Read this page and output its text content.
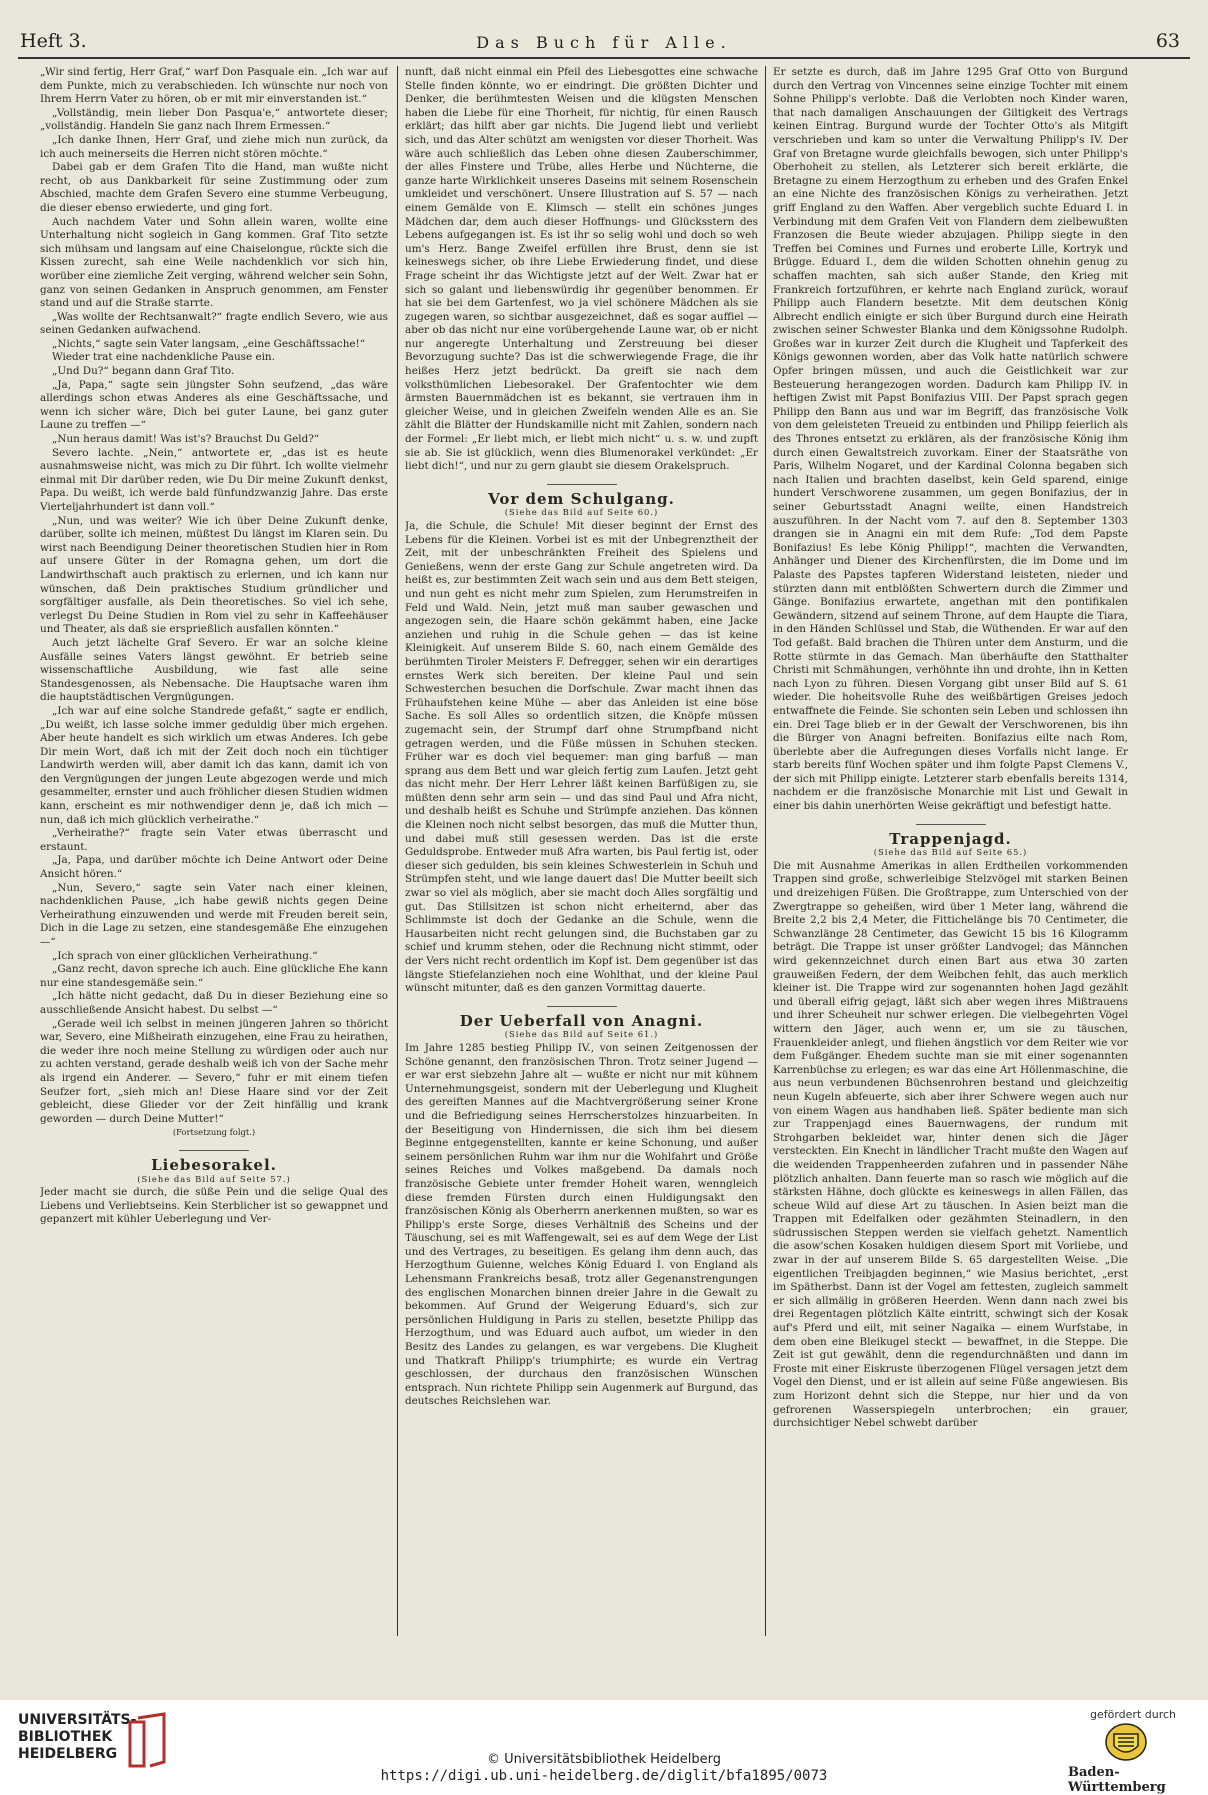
Heft 3.	Das Buch für Alle.	63

„Wir sind fertig, Herr Graf,“ warf Don Pasquale ein. „Ich war auf dem Punkte, mich zu verabschieden. Ich wünschte nur noch von Ihrem Herrn Vater zu hören, ob er mit mir einverstanden ist.“

„Vollständig, mein lieber Don Pasqua'e,“ antwortete dieser; „vollständig. Handeln Sie ganz nach Ihrem Ermessen.“

„Ich danke Ihnen, Herr Graf, und ziehe mich nun zurück, da ich auch meinerseits die Herren nicht stören möchte.“

Dabei gab er dem Grafen Tito die Hand, man wußte nicht recht, ob aus Dankbarkeit für seine Zustimmung oder zum Abschied, machte dem Grafen Severo eine stumme Verbeugung, die dieser ebenso erwiederte, und ging fort.

Auch nachdem Vater und Sohn allein waren, wollte eine Unterhaltung nicht sogleich in Gang kommen. Graf Tito setzte sich mühsam und langsam auf eine Chaiselongue, rückte sich die Kissen zurecht, sah eine Weile nachdenklich vor sich hin, worüber eine ziemliche Zeit verging, während welcher sein Sohn, ganz von seinen Gedanken in Anspruch genommen, am Fenster stand und auf die Straße starrte.

„Was wollte der Rechtsanwalt?“ fragte endlich Severo, wie aus seinen Gedanken aufwachend.

„Nichts,“ sagte sein Vater langsam, „eine Geschäftssache!“

Wieder trat eine nachdenkliche Pause ein.

„Und Du?“ begann dann Graf Tito.

„Ja, Papa,“ sagte sein jüngster Sohn seufzend, „das wäre allerdings schon etwas Anderes als eine Geschäftssache, und wenn ich sicher wäre, Dich bei guter Laune, bei ganz guter Laune zu treffen —“

„Nun heraus damit! Was ist's? Brauchst Du Geld?“

Severo lachte. „Nein,“ antwortete er, „das ist es heute ausnahmsweise nicht, was mich zu Dir führt. Ich wollte vielmehr einmal mit Dir darüber reden, wie Du Dir meine Zukunft denkst, Papa. Du weißt, ich werde bald fünfundzwanzig Jahre. Das erste Vierteljahrhundert ist dann voll.“

„Nun, und was weiter? Wie ich über Deine Zukunft denke, darüber, sollte ich meinen, müßtest Du längst im Klaren sein. Du wirst nach Beendigung Deiner theoretischen Studien hier in Rom auf unsere Güter in der Romagna gehen, um dort die Landwirthschaft auch praktisch zu erlernen, und ich kann nur wünschen, daß Dein praktisches Studium gründlicher und sorgfältiger ausfalle, als Dein theoretisches. So viel ich sehe, verlegst Du Deine Studien in Rom viel zu sehr in Kaffeehäuser und Theater, als daß sie ersprießlich ausfallen könnten.“

Auch jetzt lächelte Graf Severo. Er war an solche kleine Ausfälle seines Vaters längst gewöhnt. Er betrieb seine wissenschaftliche Ausbildung, wie fast alle seine Standesgenossen, als Nebensache. Die Hauptsache waren ihm die hauptstädtischen Vergnügungen.

„Ich war auf eine solche Standrede gefaßt,“ sagte er endlich, „Du weißt, ich lasse solche immer geduldig über mich ergehen. Aber heute handelt es sich wirklich um etwas Anderes. Ich gebe Dir mein Wort, daß ich mit der Zeit doch noch ein tüchtiger Landwirth werden will, aber damit ich das kann, damit ich von den Vergnügungen der jungen Leute abgezogen werde und mich gesammelter, ernster und auch fröhlicher diesen Studien widmen kann, erscheint es mir nothwendiger denn je, daß ich mich — nun, daß ich mich glücklich verheirathe.“

„Verheirathe?“ fragte sein Vater etwas überrascht und erstaunt.

„Ja, Papa, und darüber möchte ich Deine Antwort oder Deine Ansicht hören.“

„Nun, Severo,“ sagte sein Vater nach einer kleinen, nachdenklichen Pause, „ich habe gewiß nichts gegen Deine Verheirathung einzuwenden und werde mit Freuden bereit sein, Dich in die Lage zu setzen, eine standesgemäße Ehe einzugehen —“

„Ich sprach von einer glücklichen Verheirathung.“

„Ganz recht, davon spreche ich auch. Eine glückliche Ehe kann nur eine standesgemäße sein.“

„Ich hätte nicht gedacht, daß Du in dieser Beziehung eine so ausschließende Ansicht habest. Du selbst —“

„Gerade weil ich selbst in meinen jüngeren Jahren so thöricht war, Severo, eine Mißheirath einzugehen, eine Frau zu heirathen, die weder ihre noch meine Stellung zu würdigen oder auch nur zu achten verstand, gerade deshalb weiß ich von der Sache mehr als irgend ein Anderer. — Severo,“ fuhr er mit einem tiefen Seufzer fort, „sieh mich an! Diese Haare sind vor der Zeit gebleicht, diese Glieder vor der Zeit hinfällig und krank geworden — durch Deine Mutter!“

(Fortsetzung folgt.)

Liebesorakel.

(Siehe das Bild auf Seite 57.)

Jeder macht sie durch, die süße Pein und die selige Qual des Liebens und Verliebtseins. Kein Sterblicher ist so gewappnet und gepanzert mit kühler Ueberlegung und Ver-

nunft, daß nicht einmal ein Pfeil des Liebesgottes eine schwache Stelle finden könnte, wo er eindringt. Die größten Dichter und Denker, die berühmtesten Weisen und die klügsten Menschen haben die Liebe für eine Thorheit, für nichtig, für einen Rausch erklärt; das hilft aber gar nichts. Die Jugend liebt und verliebt sich, und das Alter schützt am wenigsten vor dieser Thorheit. Was wäre auch schließlich das Leben ohne diesen Zauberschimmer, der alles Finstere und Trübe, alles Herbe und Nüchterne, die ganze harte Wirklichkeit unseres Daseins mit seinem Rosenschein umkleidet und verschönert. Unsere Illustration auf S. 57 — nach einem Gemälde von E. Klimsch — stellt ein schönes junges Mädchen dar, dem auch dieser Hoffnungs- und Glücksstern des Lebens aufgegangen ist. Es ist ihr so selig wohl und doch so weh um's Herz. Bange Zweifel erfüllen ihre Brust, denn sie ist keineswegs sicher, ob ihre Liebe Erwiederung findet, und diese Frage scheint ihr das Wichtigste jetzt auf der Welt. Zwar hat er sich so galant und liebenswürdig ihr gegenüber benommen. Er hat sie bei dem Gartenfest, wo ja viel schönere Mädchen als sie zugegen waren, so sichtbar ausgezeichnet, daß es sogar auffiel — aber ob das nicht nur eine vorübergehende Laune war, ob er nicht nur angeregte Unterhaltung und Zerstreuung bei dieser Bevorzugung suchte? Das ist die schwerwiegende Frage, die ihr heißes Herz jetzt bedrückt. Da greift sie nach dem volksthümlichen Liebesorakel. Der Grafentochter wie dem ärmsten Bauernmädchen ist es bekannt, sie vertrauen ihm in gleicher Weise, und in gleichen Zweifeln wenden Alle es an. Sie zählt die Blätter der Hundskamille nicht mit Zahlen, sondern nach der Formel: „Er liebt mich, er liebt mich nicht“ u. s. w. und zupft sie ab. Sie ist glücklich, wenn dies Blumenorakel verkündet: „Er liebt dich!“, und nur zu gern glaubt sie diesem Orakelspruch.

Vor dem Schulgang.

(Siehe das Bild auf Seite 60.)

Ja, die Schule, die Schule! Mit dieser beginnt der Ernst des Lebens für die Kleinen. Vorbei ist es mit der Unbegrenztheit der Zeit, mit der unbeschränkten Freiheit des Spielens und Genießens, wenn der erste Gang zur Schule angetreten wird. Da heißt es, zur bestimmten Zeit wach sein und aus dem Bett steigen, und nun geht es nicht mehr zum Spielen, zum Herumstreifen in Feld und Wald. Nein, jetzt muß man sauber gewaschen und angezogen sein, die Haare schön gekämmt haben, eine Jacke anziehen und ruhig in die Schule gehen — das ist keine Kleinigkeit. Auf unserem Bilde S. 60, nach einem Gemälde des berühmten Tiroler Meisters F. Defregger, sehen wir ein derartiges ernstes Werk sich bereiten. Der kleine Paul und sein Schwesterchen besuchen die Dorfschule. Zwar macht ihnen das Frühaufstehen keine Mühe — aber das Anleiden ist eine böse Sache. Es soll Alles so ordentlich sitzen, die Knöpfe müssen zugemacht sein, der Strumpf darf ohne Strumpfband nicht getragen werden, und die Füße müssen in Schuhen stecken. Früher war es doch viel bequemer: man ging barfuß — man sprang aus dem Bett und war gleich fertig zum Laufen. Jetzt geht das nicht mehr. Der Herr Lehrer läßt keinen Barfüßigen zu, sie müßten denn sehr arm sein — und das sind Paul und Afra nicht, und deshalb heißt es Schuhe und Strümpfe anziehen. Das können die Kleinen noch nicht selbst besorgen, das muß die Mutter thun, und dabei muß still gesessen werden. Das ist die erste Geduldsprobe. Entweder muß Afra warten, bis Paul fertig ist, oder dieser sich gedulden, bis sein kleines Schwesterlein in Schuh und Strümpfen steht, und wie lange dauert das! Die Mutter beeilt sich zwar so viel als möglich, aber sie macht doch Alles sorgfältig und gut. Das Stillsitzen ist schon nicht erheiternd, aber das Schlimmste ist doch der Gedanke an die Schule, wenn die Hausarbeiten nicht recht gelungen sind, die Buchstaben gar zu schief und krumm stehen, oder die Rechnung nicht stimmt, oder der Vers nicht recht ordentlich im Kopf ist. Dem gegenüber ist das längste Stiefelanziehen noch eine Wohlthat, und der kleine Paul wünscht mitunter, daß es den ganzen Vormittag dauerte.

Der Ueberfall von Anagni.

(Siehe das Bild auf Seite 61.)

Im Jahre 1285 bestieg Philipp IV., von seinen Zeitgenossen der Schöne genannt, den französischen Thron. Trotz seiner Jugend — er war erst siebzehn Jahre alt — wußte er nicht nur mit kühnem Unternehmungsgeist, sondern mit der Ueberlegung und Klugheit des gereiften Mannes auf die Machtvergrößerung seiner Krone und die Befriedigung seines Herrscherstolzes hinzuarbeiten. In der Beseitigung von Hindernissen, die sich ihm bei diesem Beginne entgegenstellten, kannte er keine Schonung, und außer seinem persönlichen Ruhm war ihm nur die Wohlfahrt und Größe seines Reiches und Volkes maßgebend. Da damals noch französische Gebiete unter fremder Hoheit waren, wenngleich diese fremden Fürsten durch einen Huldigungsakt den französischen König als Oberherrn anerkennen mußten, so war es Philipp's erste Sorge, dieses Verhältniß des Scheins und der Täuschung, sei es mit Waffengewalt, sei es auf dem Wege der List und des Vertrages, zu beseitigen. Es gelang ihm denn auch, das Herzogthum Guienne, welches König Eduard I. von England als Lehensmann Frankreichs besaß, trotz aller Gegenanstrengungen des englischen Monarchen binnen dreier Jahre in die Gewalt zu bekommen. Auf Grund der Weigerung Eduard's, sich zur persönlichen Huldigung in Paris zu stellen, besetzte Philipp das Herzogthum, und was Eduard auch aufbot, um wieder in den Besitz des Landes zu gelangen, es war vergebens. Die Klugheit und Thatkraft Philipp's triumphirte; es wurde ein Vertrag geschlossen, der durchaus den französischen Wünschen entsprach. Nun richtete Philipp sein Augenmerk auf Burgund, das deutsches Reichslehen war.

Er setzte es durch, daß im Jahre 1295 Graf Otto von Burgund durch den Vertrag von Vincennes seine einzige Tochter mit einem Sohne Philipp's verlobte. Daß die Verlobten noch Kinder waren, that nach damaligen Anschauungen der Giltigkeit des Vertrags keinen Eintrag. Burgund wurde der Tochter Otto's als Mitgift verschrieben und kam so unter die Verwaltung Philipp's IV. Der Graf von Bretagne wurde gleichfalls bewogen, sich unter Philipp's Oberhoheit zu stellen, als Letzterer sich bereit erklärte, die Bretagne zu einem Herzogthum zu erheben und des Grafen Enkel an eine Nichte des französischen Königs zu verheirathen. Jetzt griff England zu den Waffen. Aber vergeblich suchte Eduard I. in Verbindung mit dem Grafen Veit von Flandern dem zielbewußten Franzosen die Beute wieder abzujagen. Philipp siegte in den Treffen bei Comines und Furnes und eroberte Lille, Kortryk und Brügge. Eduard I., dem die wilden Schotten ohnehin genug zu schaffen machten, sah sich außer Stande, den Krieg mit Frankreich fortzuführen, er kehrte nach England zurück, worauf Philipp auch Flandern besetzte. Mit dem deutschen König Albrecht endlich einigte er sich über Burgund durch eine Heirath zwischen seiner Schwester Blanka und dem Königssohne Rudolph. Großes war in kurzer Zeit durch die Klugheit und Tapferkeit des Königs gewonnen worden, aber das Volk hatte natürlich schwere Opfer bringen müssen, und auch die Geistlichkeit war zur Besteuerung herangezogen worden. Dadurch kam Philipp IV. in heftigen Zwist mit Papst Bonifazius VIII. Der Papst sprach gegen Philipp den Bann aus und war im Begriff, das französische Volk von dem geleisteten Treueid zu entbinden und Philipp feierlich als des Thrones entsetzt zu erklären, als der französische König ihm durch einen Gewaltstreich zuvorkam. Einer der Staatsräthe von Paris, Wilhelm Nogaret, und der Kardinal Colonna begaben sich nach Italien und brachten daselbst, kein Geld sparend, einige hundert Verschworene zusammen, um gegen Bonifazius, der in seiner Geburtsstadt Anagni weilte, einen Handstreich auszuführen. In der Nacht vom 7. auf den 8. September 1303 drangen sie in Anagni ein mit dem Rufe: „Tod dem Papste Bonifazius! Es lebe König Philipp!“, machten die Verwandten, Anhänger und Diener des Kirchenfürsten, die im Dome und im Palaste des Papstes tapferen Widerstand leisteten, nieder und stürzten dann mit entblößten Schwertern durch die Zimmer und Gänge. Bonifazius erwartete, angethan mit den pontifikalen Gewändern, sitzend auf seinem Throne, auf dem Haupte die Tiara, in den Händen Schlüssel und Stab, die Wüthenden. Er war auf den Tod gefaßt. Bald brachen die Thüren unter dem Ansturm, und die Rotte stürmte in das Gemach. Man überhäufte den Statthalter Christi mit Schmähungen, verhöhnte ihn und drohte, ihn in Ketten nach Lyon zu führen. Diesen Vorgang gibt unser Bild auf S. 61 wieder. Die hoheitsvolle Ruhe des weißbärtigen Greises jedoch entwaffnete die Feinde. Sie schonten sein Leben und schlossen ihn ein. Drei Tage blieb er in der Gewalt der Verschworenen, bis ihn die Bürger von Anagni befreiten. Bonifazius eilte nach Rom, überlebte aber die Aufregungen dieses Vorfalls nicht lange. Er starb bereits fünf Wochen später und ihm folgte Papst Clemens V., der sich mit Philipp einigte. Letzterer starb ebenfalls bereits 1314, nachdem er die französische Monarchie mit List und Gewalt in einer bis dahin unerhörten Weise gekräftigt und befestigt hatte.

Trappenjagd.

(Siehe das Bild auf Seite 65.)

Die mit Ausnahme Amerikas in allen Erdtheilen vorkommenden Trappen sind große, schwerleibige Stelzvögel mit starken Beinen und dreizehigen Füßen. Die Großtrappe, zum Unterschied von der Zwergtrappe so geheißen, wird über 1 Meter lang, während die Breite 2,2 bis 2,4 Meter, die Fittichelänge bis 70 Centimeter, die Schwanzlänge 28 Centimeter, das Gewicht 15 bis 16 Kilogramm beträgt. Die Trappe ist unser größter Landvogel; das Männchen wird gekennzeichnet durch einen Bart aus etwa 30 zarten grauweißen Federn, der dem Weibchen fehlt, das auch merklich kleiner ist. Die Trappe wird zur sogenannten hohen Jagd gezählt und überall eifrig gejagt, läßt sich aber wegen ihres Mißtrauens und ihrer Scheuheit nur schwer erlegen. Die vielbegehrten Vögel wittern den Jäger, auch wenn er, um sie zu täuschen, Frauenkleider anlegt, und fliehen ängstlich vor dem Reiter wie vor dem Fußgänger. Ehedem suchte man sie mit einer sogenannten Karrenbüchse zu erlegen; es war das eine Art Höllenmaschine, die aus neun verbundenen Büchsenrohren bestand und gleichzeitig neun Kugeln abfeuerte, sich aber ihrer Schwere wegen auch nur von einem Wagen aus handhaben ließ. Später bediente man sich zur Trappenjagd eines Bauernwagens, der rundum mit Strohgarben bekleidet war, hinter denen sich die Jäger versteckten. Ein Knecht in ländlicher Tracht mußte den Wagen auf die weidenden Trappenheerden zufahren und in passender Nähe plötzlich anhalten. Dann feuerte man so rasch wie möglich auf die stärksten Hähne, doch glückte es keineswegs in allen Fällen, das scheue Wild auf diese Art zu täuschen. In Asien beizt man die Trappen mit Edelfalken oder gezähmten Steinadlern, in den südrussischen Steppen werden sie vielfach gehetzt. Namentlich die asow'schen Kosaken huldigen diesem Sport mit Vorliebe, und zwar in der auf unserem Bilde S. 65 dargestellten Weise. „Die eigentlichen Treibjagden beginnen,“ wie Masius berichtet, „erst im Spätherbst. Dann ist der Vogel am fettesten, zugleich sammelt er sich allmälig in größeren Heerden. Wenn dann nach zwei bis drei Regentagen plötzlich Kälte eintritt, schwingt sich der Kosak auf's Pferd und eilt, mit seiner Nagaika — einem Wurfstabe, in dem oben eine Bleikugel steckt — bewaffnet, in die Steppe. Die Zeit ist gut gewählt, denn die regendurchnäßten und dann im Froste mit einer Eiskruste überzogenen Flügel versagen jetzt dem Vogel den Dienst, und er ist allein auf seine Füße angewiesen. Bis zum Horizont dehnt sich die Steppe, nur hier und da von gefrorenen Wasserspiegeln unterbrochen; ein grauer, durchsichtiger Nebel schwebt darüber

UNIVERSITÄTS-
BIBLIOTHEK
HEIDELBERG	© Universitätsbibliothek Heidelberg
https://digi.ub.uni-heidelberg.de/diglit/bfa1895/0073
gefördert durch
Baden-Württemberg
